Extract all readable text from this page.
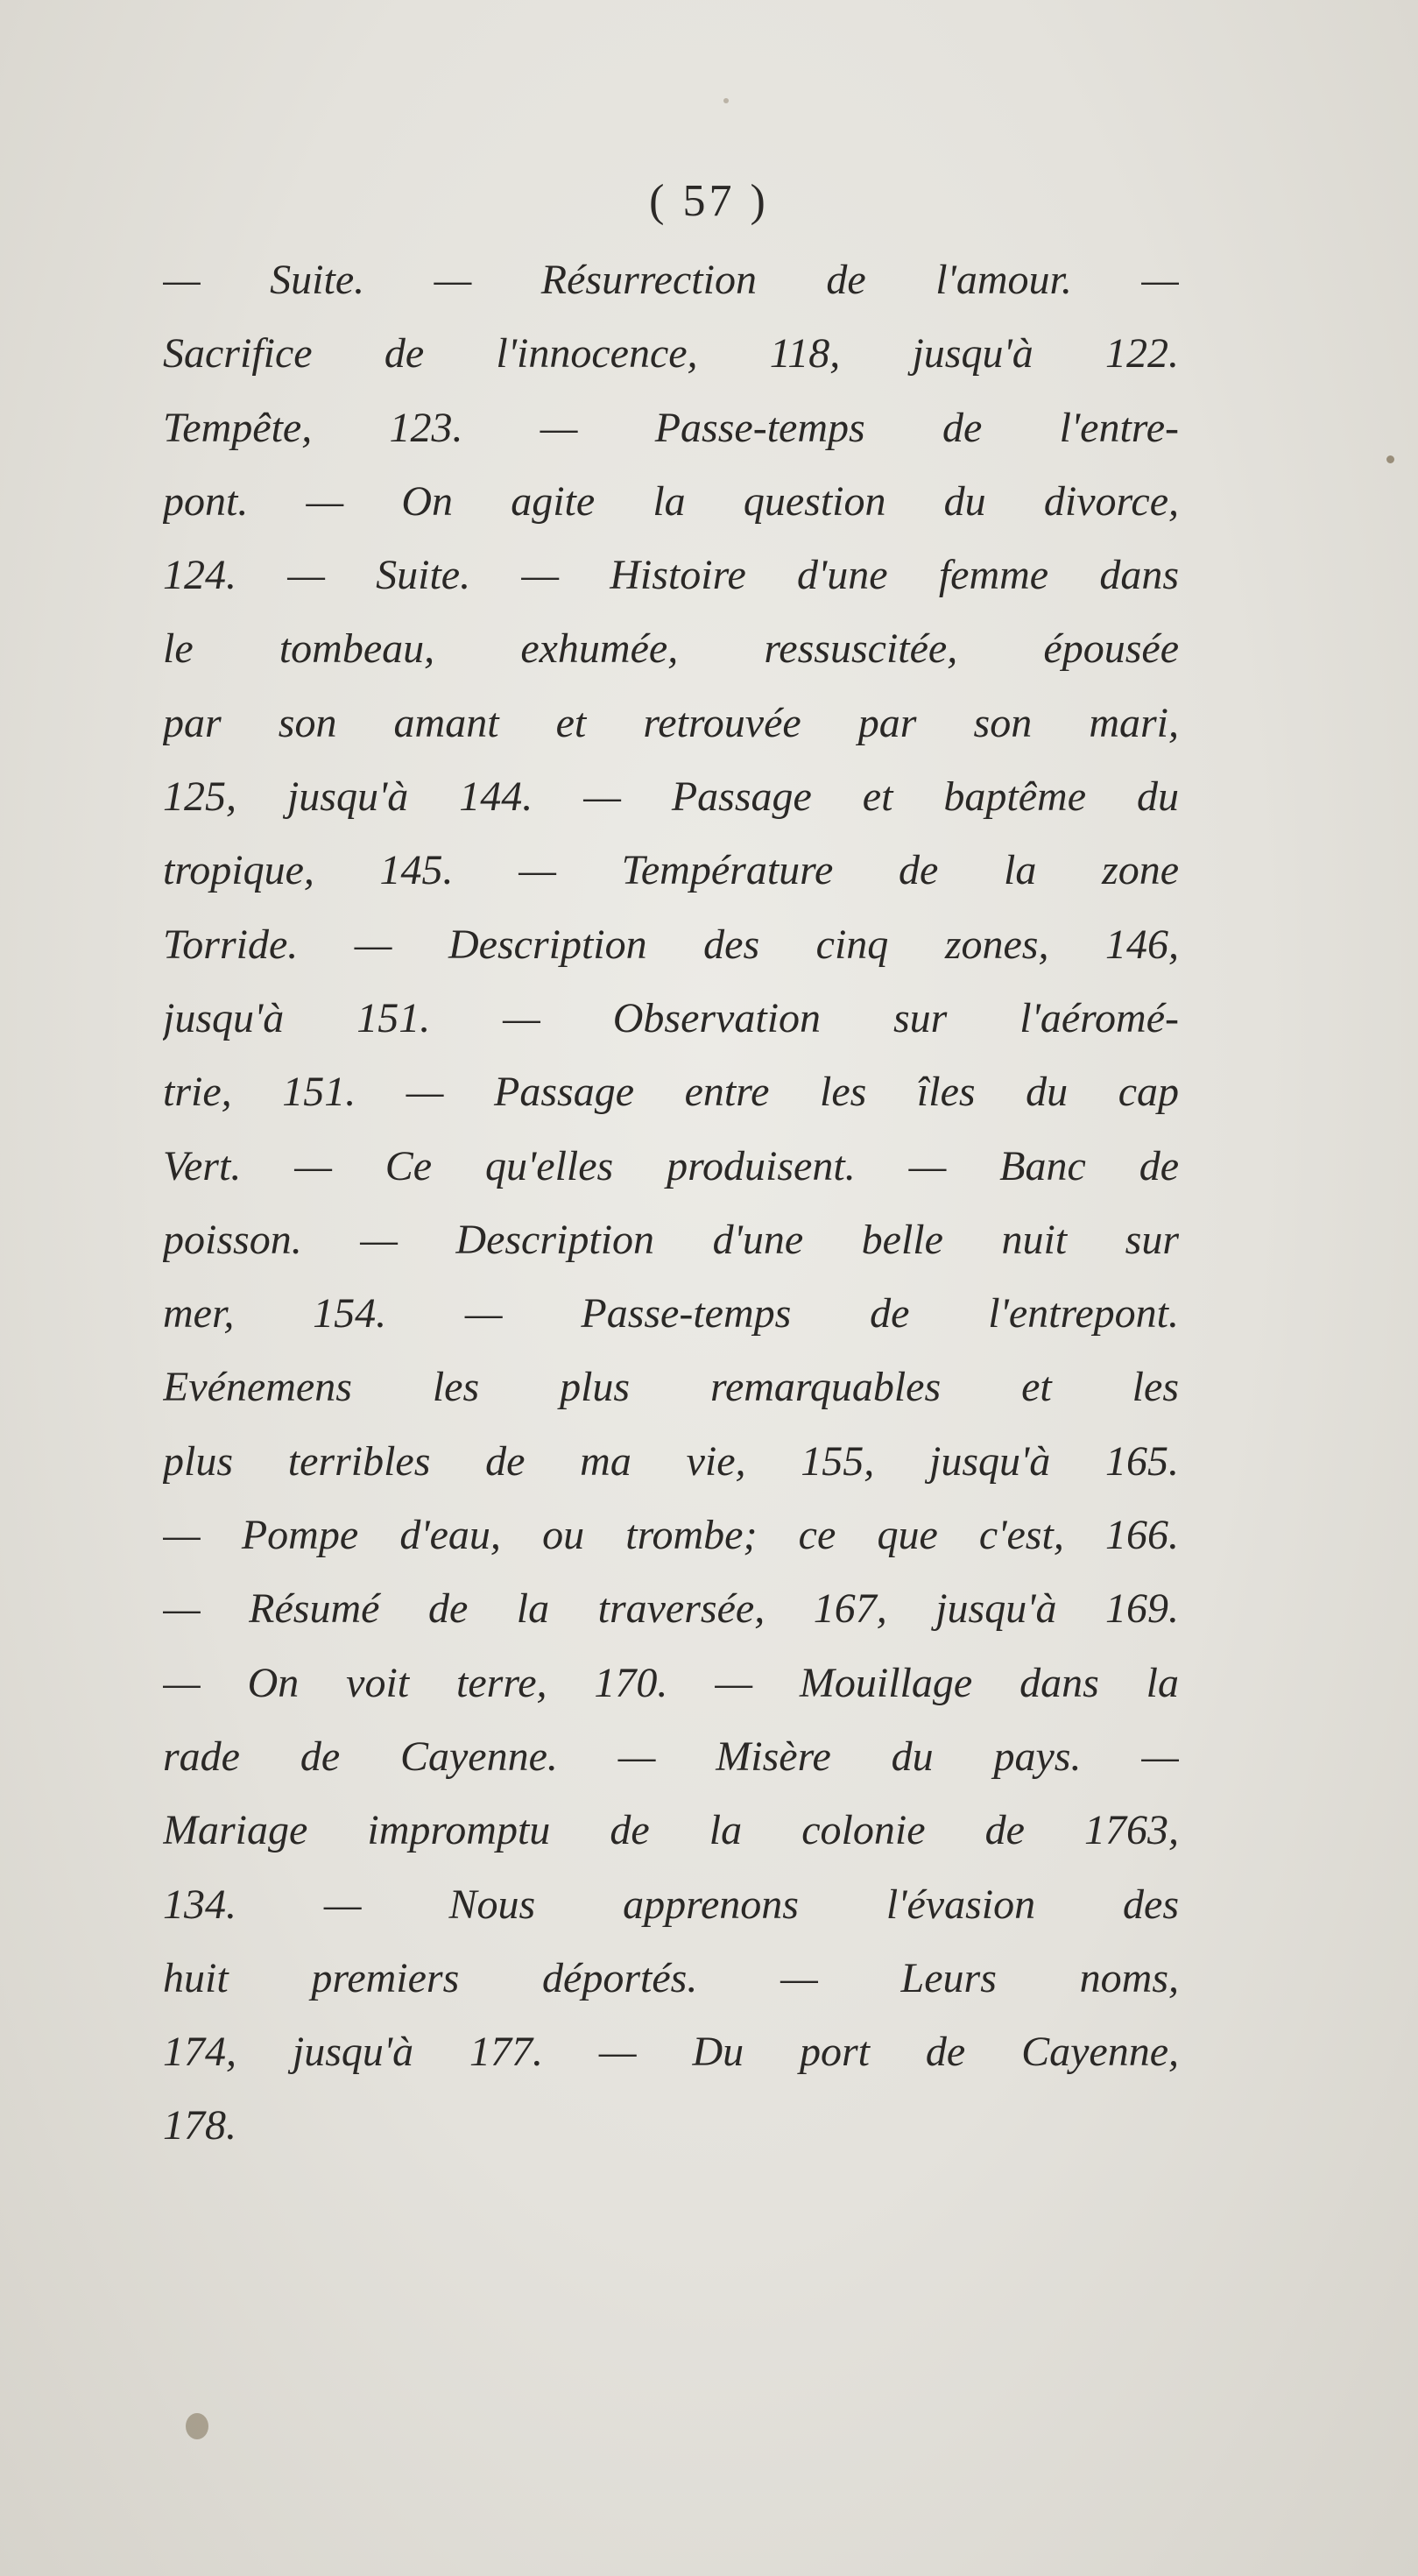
( 57 )
— Suite. — Résurrection de l'amour. —
Sacrifice de l'innocence, 118, jusqu'à 122.
Tempête, 123. — Passe-temps de l'entre-
pont. — On agite la question du divorce,
124. — Suite. — Histoire d'une femme dans
le tombeau, exhumée, ressuscitée, épousée
par son amant et retrouvée par son mari,
125, jusqu'à 144. — Passage et baptême du
tropique, 145. — Température de la zone
Torride. — Description des cinq zones, 146,
jusqu'à 151. — Observation sur l'aéromé-
trie, 151. — Passage entre les îles du cap
Vert. — Ce qu'elles produisent. — Banc de
poisson. — Description d'une belle nuit sur
mer, 154. — Passe-temps de l'entrepont.
Evénemens les plus remarquables et les
plus terribles de ma vie, 155, jusqu'à 165.
— Pompe d'eau, ou trombe; ce que c'est, 166.
— Résumé de la traversée, 167, jusqu'à 169.
— On voit terre, 170. — Mouillage dans la
rade de Cayenne. — Misère du pays. —
Mariage impromptu de la colonie de 1763,
134. — Nous apprenons l'évasion des
huit premiers déportés. — Leurs noms,
174, jusqu'à 177. — Du port de Cayenne,
178.
